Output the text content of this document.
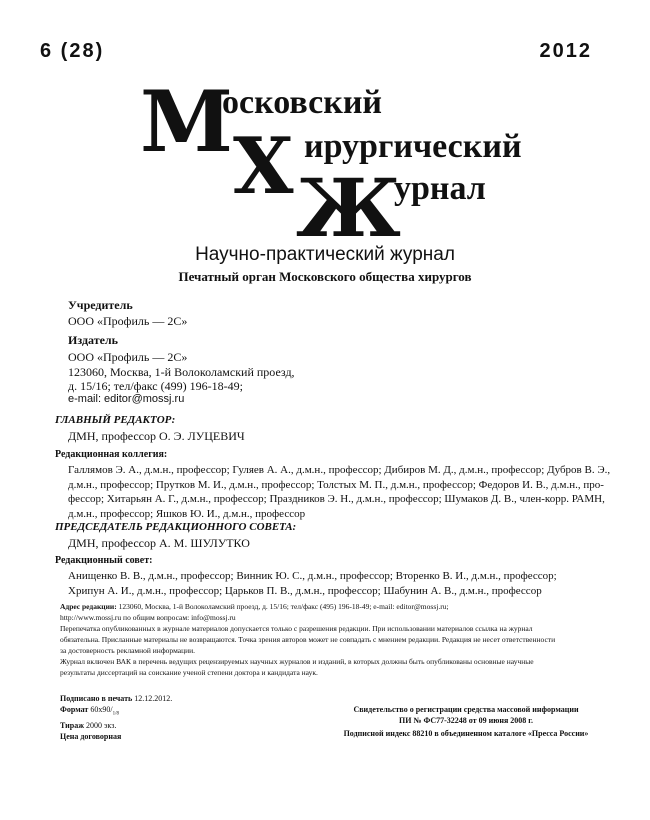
6 (28)	2012
М
осковский
Х ирургический
Ж
урнал
Научно-практический журнал
Печатный орган Московского общества хирургов
Учредитель
ООО «Профиль — 2С»
Издатель
ООО «Профиль — 2С»
123060, Москва, 1-й Волоколамский проезд,
д. 15/16; тел/факс (499) 196-18-49;
e-mail: editor@mossj.ru
ГЛАВНЫЙ РЕДАКТОР:
ДМН, профессор О. Э. ЛУЦЕВИЧ
Редакционная коллегия:
Галлямов Э. А., д.м.н., профессор; Гуляев А. А., д.м.н., профессор; Дибиров М. Д., д.м.н., профессор; Дубров В. Э.,
д.м.н., профессор; Прутков М. И., д.м.н., профессор; Толстых М. П., д.м.н., профессор; Федоров И. В., д.м.н., про-
фессор; Хитарьян А. Г., д.м.н., профессор; Праздников Э. Н., д.м.н., профессор; Шумаков Д. В., член-корр. РАМН,
д.м.н., профессор; Яшков Ю. И., д.м.н., профессор
ПРЕДСЕДАТЕЛЬ РЕДАКЦИОННОГО СОВЕТА:
ДМН, профессор А. М. ШУЛУТКО
Редакционный совет:
Анищенко В. В., д.м.н., профессор; Винник Ю. С., д.м.н., профессор; Вторенко В. И., д.м.н., профессор;
Хрипун А. И., д.м.н., профессор; Царьков П. В., д.м.н., профессор; Шабунин А. В., д.м.н., профессор
Адрес редакции: 123060, Москва, 1-й Волоколамский проезд, д. 15/16; тел/факс (495) 196-18-49; e-mail: editor@mossj.ru;
http://www.mossj.ru по общим вопросам: info@mossj.ru
Перепечатка опубликованных в журнале материалов допускается только с разрешения редакции. При использовании материалов ссылка на журнал
обязательна. Присланные материалы не возвращаются. Точка зрения авторов может не совпадать с мнением редакции. Редакция не несет ответственности
за достоверность рекламной информации.
Журнал включен ВАК в перечень ведущих рецензируемых научных журналов и изданий, в которых должны быть опубликованы основные научные
результаты диссертаций на соискание ученой степени доктора и кандидата наук.
Подписано в печать 12.12.2012.
Формат $60х90/_{1/8}$
Тираж 2000 экз.
Цена договорная
Свидетельство о регистрации средства массовой информации
ПИ № ФС77-32248 от 09 июня 2008 г.
Подписной индекс 88210 в объединенном каталоге «Пресса России»
